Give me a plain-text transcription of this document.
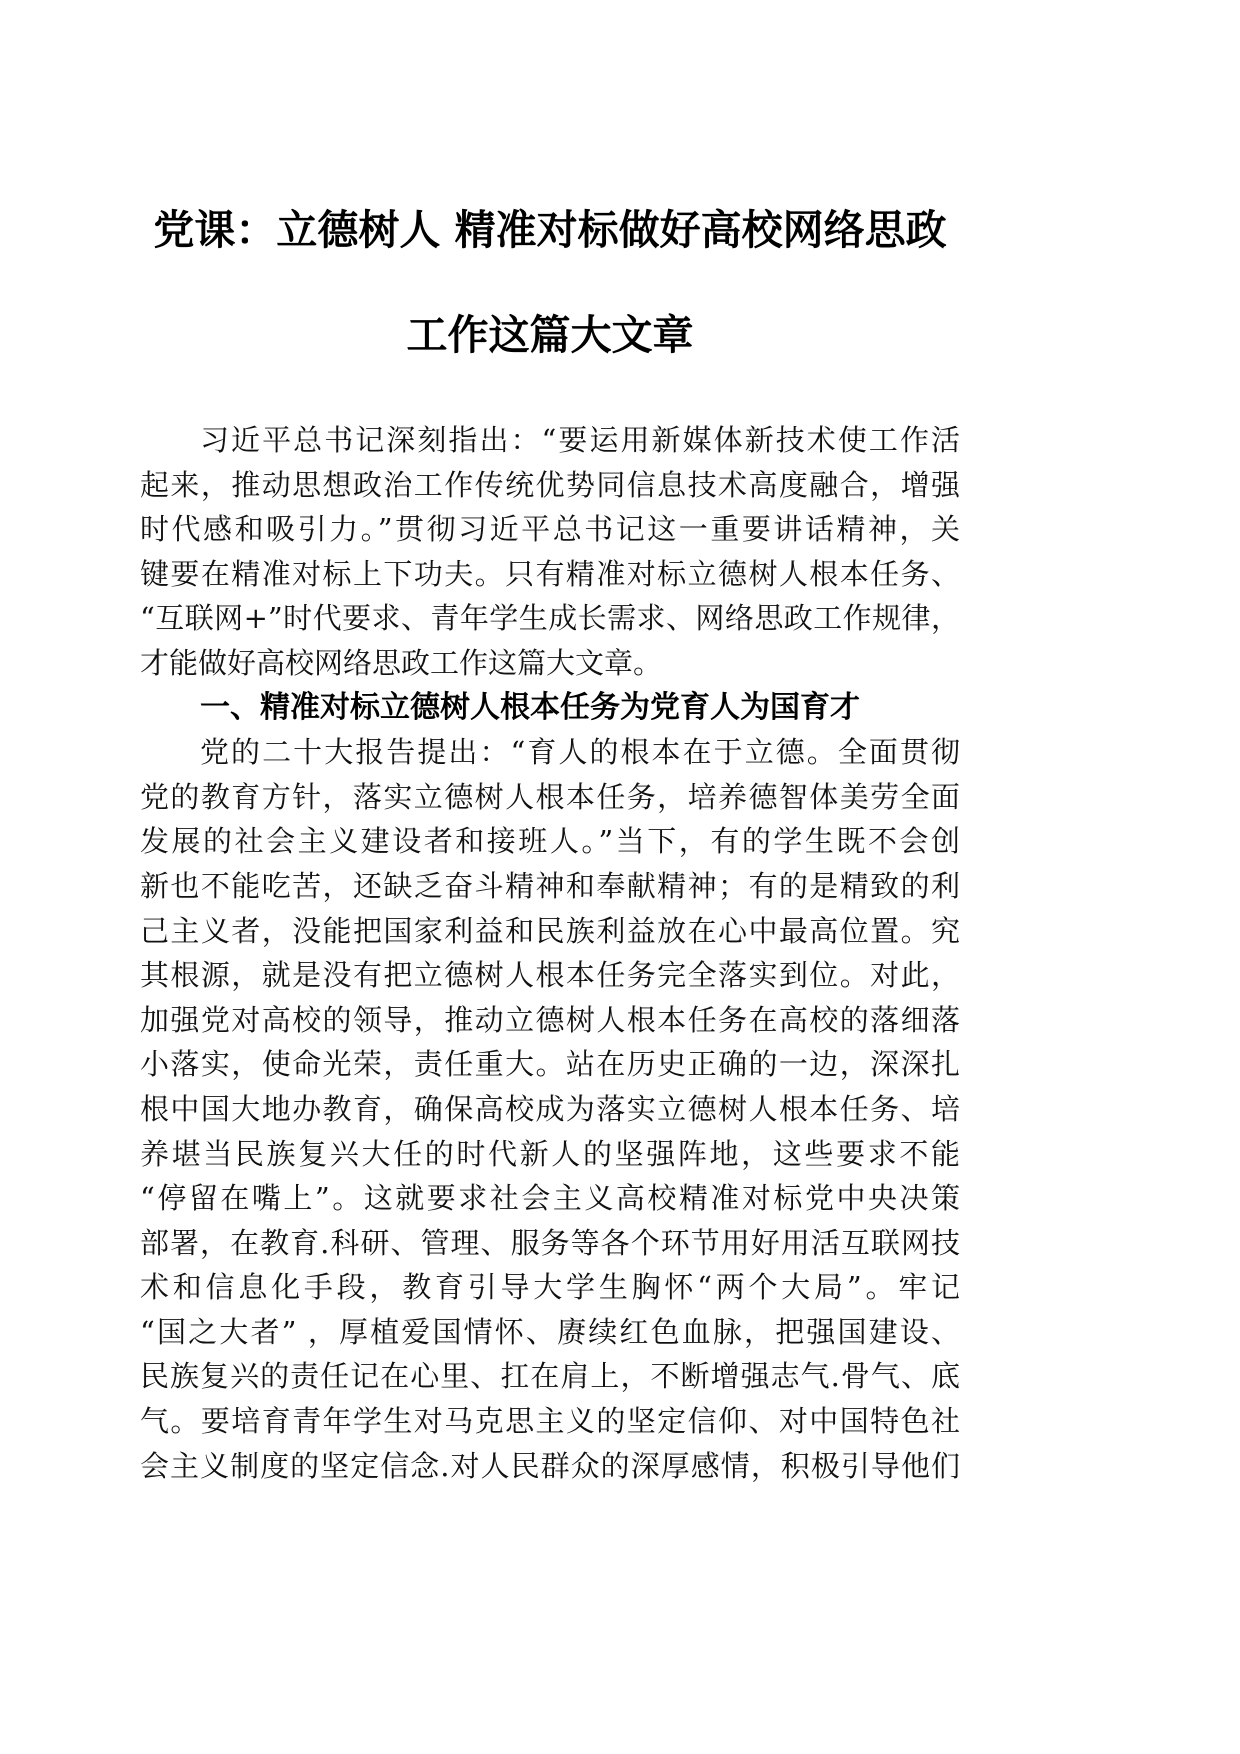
党课：立德树人 精准对标做好高校网络思政
工作这篇大文章
习近平总书记深刻指出：“要运用新媒体新技术使工作活
起来，推动思想政治工作传统优势同信息技术高度融合，增强
时代感和吸引力。”贯彻习近平总书记这一重要讲话精神，关
键要在精准对标上下功夫。只有精准对标立德树人根本任务、
“互联网+”时代要求、青年学生成长需求、网络思政工作规律，
才能做好高校网络思政工作这篇大文章。
一、精准对标立德树人根本任务为党育人为国育才
党的二十大报告提出：“育人的根本在于立德。全面贯彻
党的教育方针，落实立德树人根本任务，培养德智体美劳全面
发展的社会主义建设者和接班人。”当下，有的学生既不会创
新也不能吃苦，还缺乏奋斗精神和奉献精神；有的是精致的利
己主义者，没能把国家利益和民族利益放在心中最高位置。究
其根源，就是没有把立德树人根本任务完全落实到位。对此，
加强党对高校的领导，推动立德树人根本任务在高校的落细落
小落实，使命光荣，责任重大。站在历史正确的一边，深深扎
根中国大地办教育，确保高校成为落实立德树人根本任务、培
养堪当民族复兴大任的时代新人的坚强阵地，这些要求不能
“停留在嘴上”。这就要求社会主义高校精准对标党中央决策
部署，在教育.科研、管理、服务等各个环节用好用活互联网技
术和信息化手段，教育引导大学生胸怀“两个大局”。牢记
“国之大者” ，厚植爱国情怀、赓续红色血脉，把强国建设、
民族复兴的责任记在心里、扛在肩上，不断增强志气.骨气、底
气。要培育青年学生对马克思主义的坚定信仰、对中国特色社
会主义制度的坚定信念.对人民群众的深厚感情，积极引导他们
